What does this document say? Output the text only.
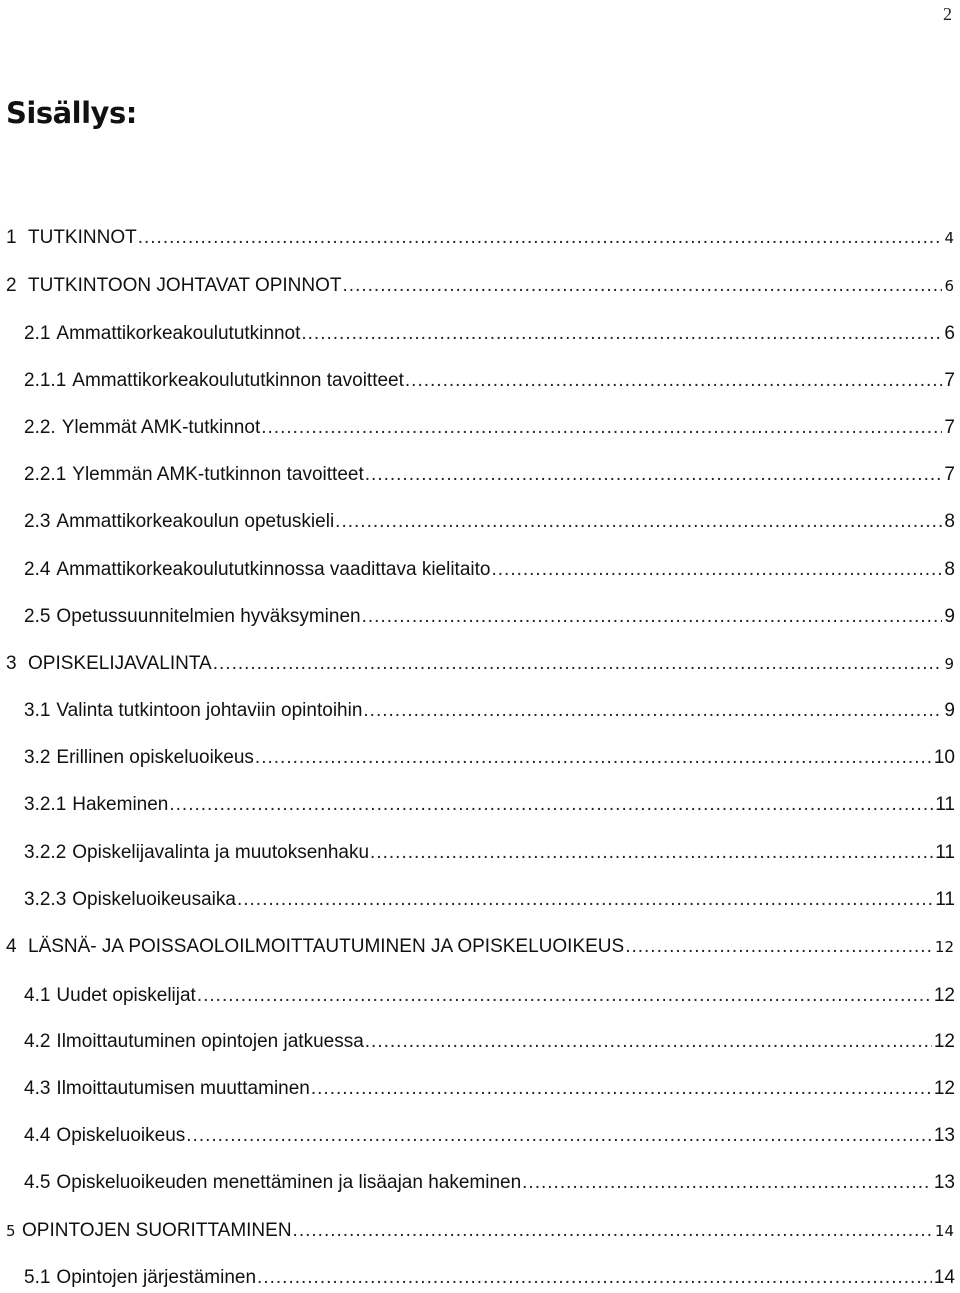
2
Sisällys:
1 TUTKINNOT .....	4
2 TUTKINTOON JOHTAVAT OPINNOT .....	6
2.1 Ammattikorkeakoulututkinnot .....	6
2.1.1 Ammattikorkeakoulututkinnon tavoitteet .....	7
2.2. Ylemmät AMK-tutkinnot .....	7
2.2.1 Ylemmän AMK-tutkinnon tavoitteet .....	7
2.3 Ammattikorkeakoulun opetuskieli .....	8
2.4 Ammattikorkeakoulututkinnossa vaadittava kielitaito .....	8
2.5 Opetussuunnitelmien hyväksyminen .....	9
3 OPISKELIJAVALINTA .....	9
3.1 Valinta tutkintoon johtaviin opintoihin .....	9
3.2 Erillinen opiskeluoikeus .....	10
3.2.1 Hakeminen .....	11
3.2.2 Opiskelijavalinta ja muutoksenhaku .....	11
3.2.3 Opiskeluoikeusaika .....	11
4 LÄSNÄ- JA POISSAOLOILMOITTAUTUMINEN JA OPISKELUOIKEUS .....	12
4.1 Uudet opiskelijat .....	12
4.2 Ilmoittautuminen opintojen jatkuessa .....	12
4.3 Ilmoittautumisen muuttaminen .....	12
4.4 Opiskeluoikeus .....	13
4.5 Opiskeluoikeuden menettäminen ja lisäajan hakeminen .....	13
5 OPINTOJEN SUORITTAMINEN .....	14
5.1 Opintojen järjestäminen .....	14
